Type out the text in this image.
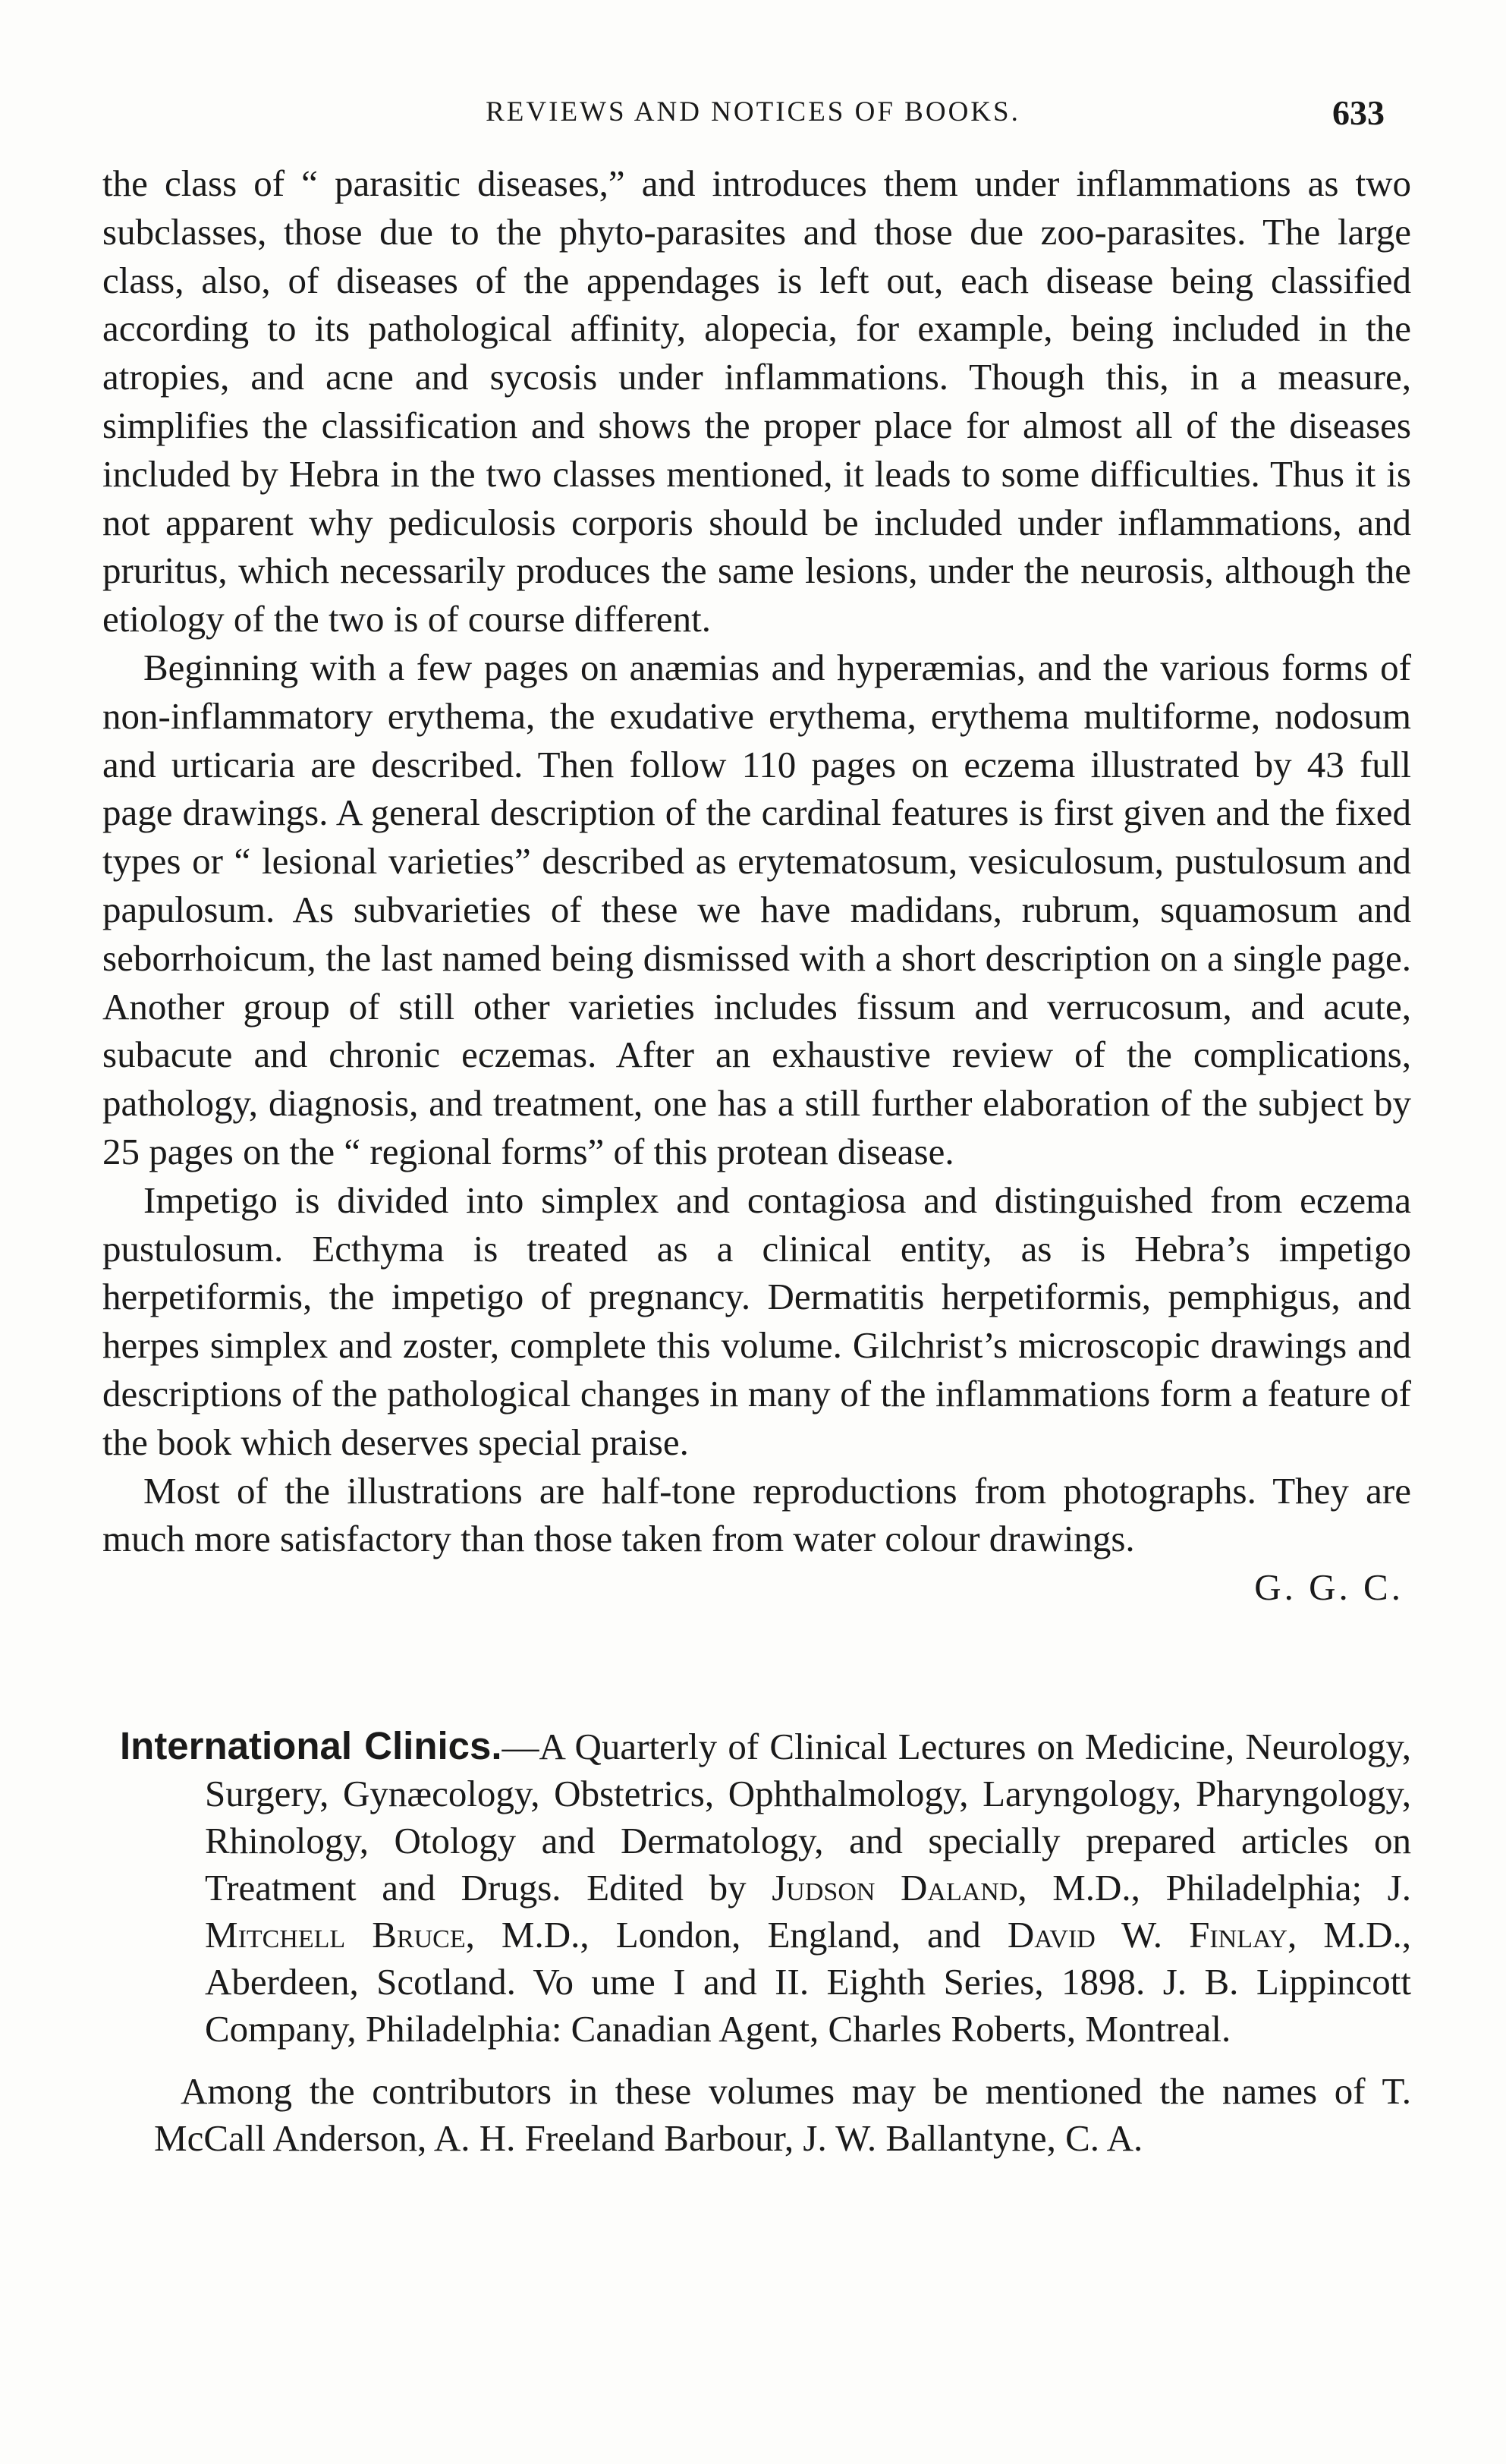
REVIEWS AND NOTICES OF BOOKS.	633

the class of “ parasitic diseases,” and introduces them under inflammations as two subclasses, those due to the phyto-parasites and those due zoo-parasites. The large class, also, of diseases of the appendages is left out, each disease being classified according to its pathological affinity, alopecia, for example, being included in the atropies, and acne and sycosis under inflammations. Though this, in a measure, simplifies the classification and shows the proper place for almost all of the diseases included by Hebra in the two classes mentioned, it leads to some difficulties. Thus it is not apparent why pediculosis corporis should be included under inflammations, and pruritus, which necessarily produces the same lesions, under the neurosis, although the etiology of the two is of course different.

Beginning with a few pages on anæmias and hyperæmias, and the various forms of non-inflammatory erythema, the exudative erythema, erythema multiforme, nodosum and urticaria are described. Then follow 110 pages on eczema illustrated by 43 full page drawings. A general description of the cardinal features is first given and the fixed types or “ lesional varieties” described as erytematosum, vesiculosum, pustulosum and papulosum. As subvarieties of these we have madidans, rubrum, squamosum and seborrhoicum, the last named being dismissed with a short description on a single page. Another group of still other varieties includes fissum and verrucosum, and acute, subacute and chronic eczemas. After an exhaustive review of the complications, pathology, diagnosis, and treatment, one has a still further elaboration of the subject by 25 pages on the “ regional forms” of this protean disease.

Impetigo is divided into simplex and contagiosa and distinguished from eczema pustulosum. Ecthyma is treated as a clinical entity, as is Hebra’s impetigo herpetiformis, the impetigo of pregnancy. Dermatitis herpetiformis, pemphigus, and herpes simplex and zoster, complete this volume. Gilchrist’s microscopic drawings and descriptions of the pathological changes in many of the inflammations form a feature of the book which deserves special praise.

Most of the illustrations are half-tone reproductions from photographs. They are much more satisfactory than those taken from water colour drawings.

G. G. C.

International Clinics.—A Quarterly of Clinical Lectures on Medicine, Neurology, Surgery, Gynæcology, Obstetrics, Ophthalmology, Laryngology, Pharyngology, Rhinology, Otology and Dermatology, and specially prepared articles on Treatment and Drugs. Edited by Judson Daland, M.D., Philadelphia; J. Mitchell Bruce, M.D., London, England, and David W. Finlay, M.D., Aberdeen, Scotland. Vo ume I and II. Eighth Series, 1898. J. B. Lippincott Company, Philadelphia: Canadian Agent, Charles Roberts, Montreal.

Among the contributors in these volumes may be mentioned the names of T. McCall Anderson, A. H. Freeland Barbour, J. W. Ballantyne, C. A.
